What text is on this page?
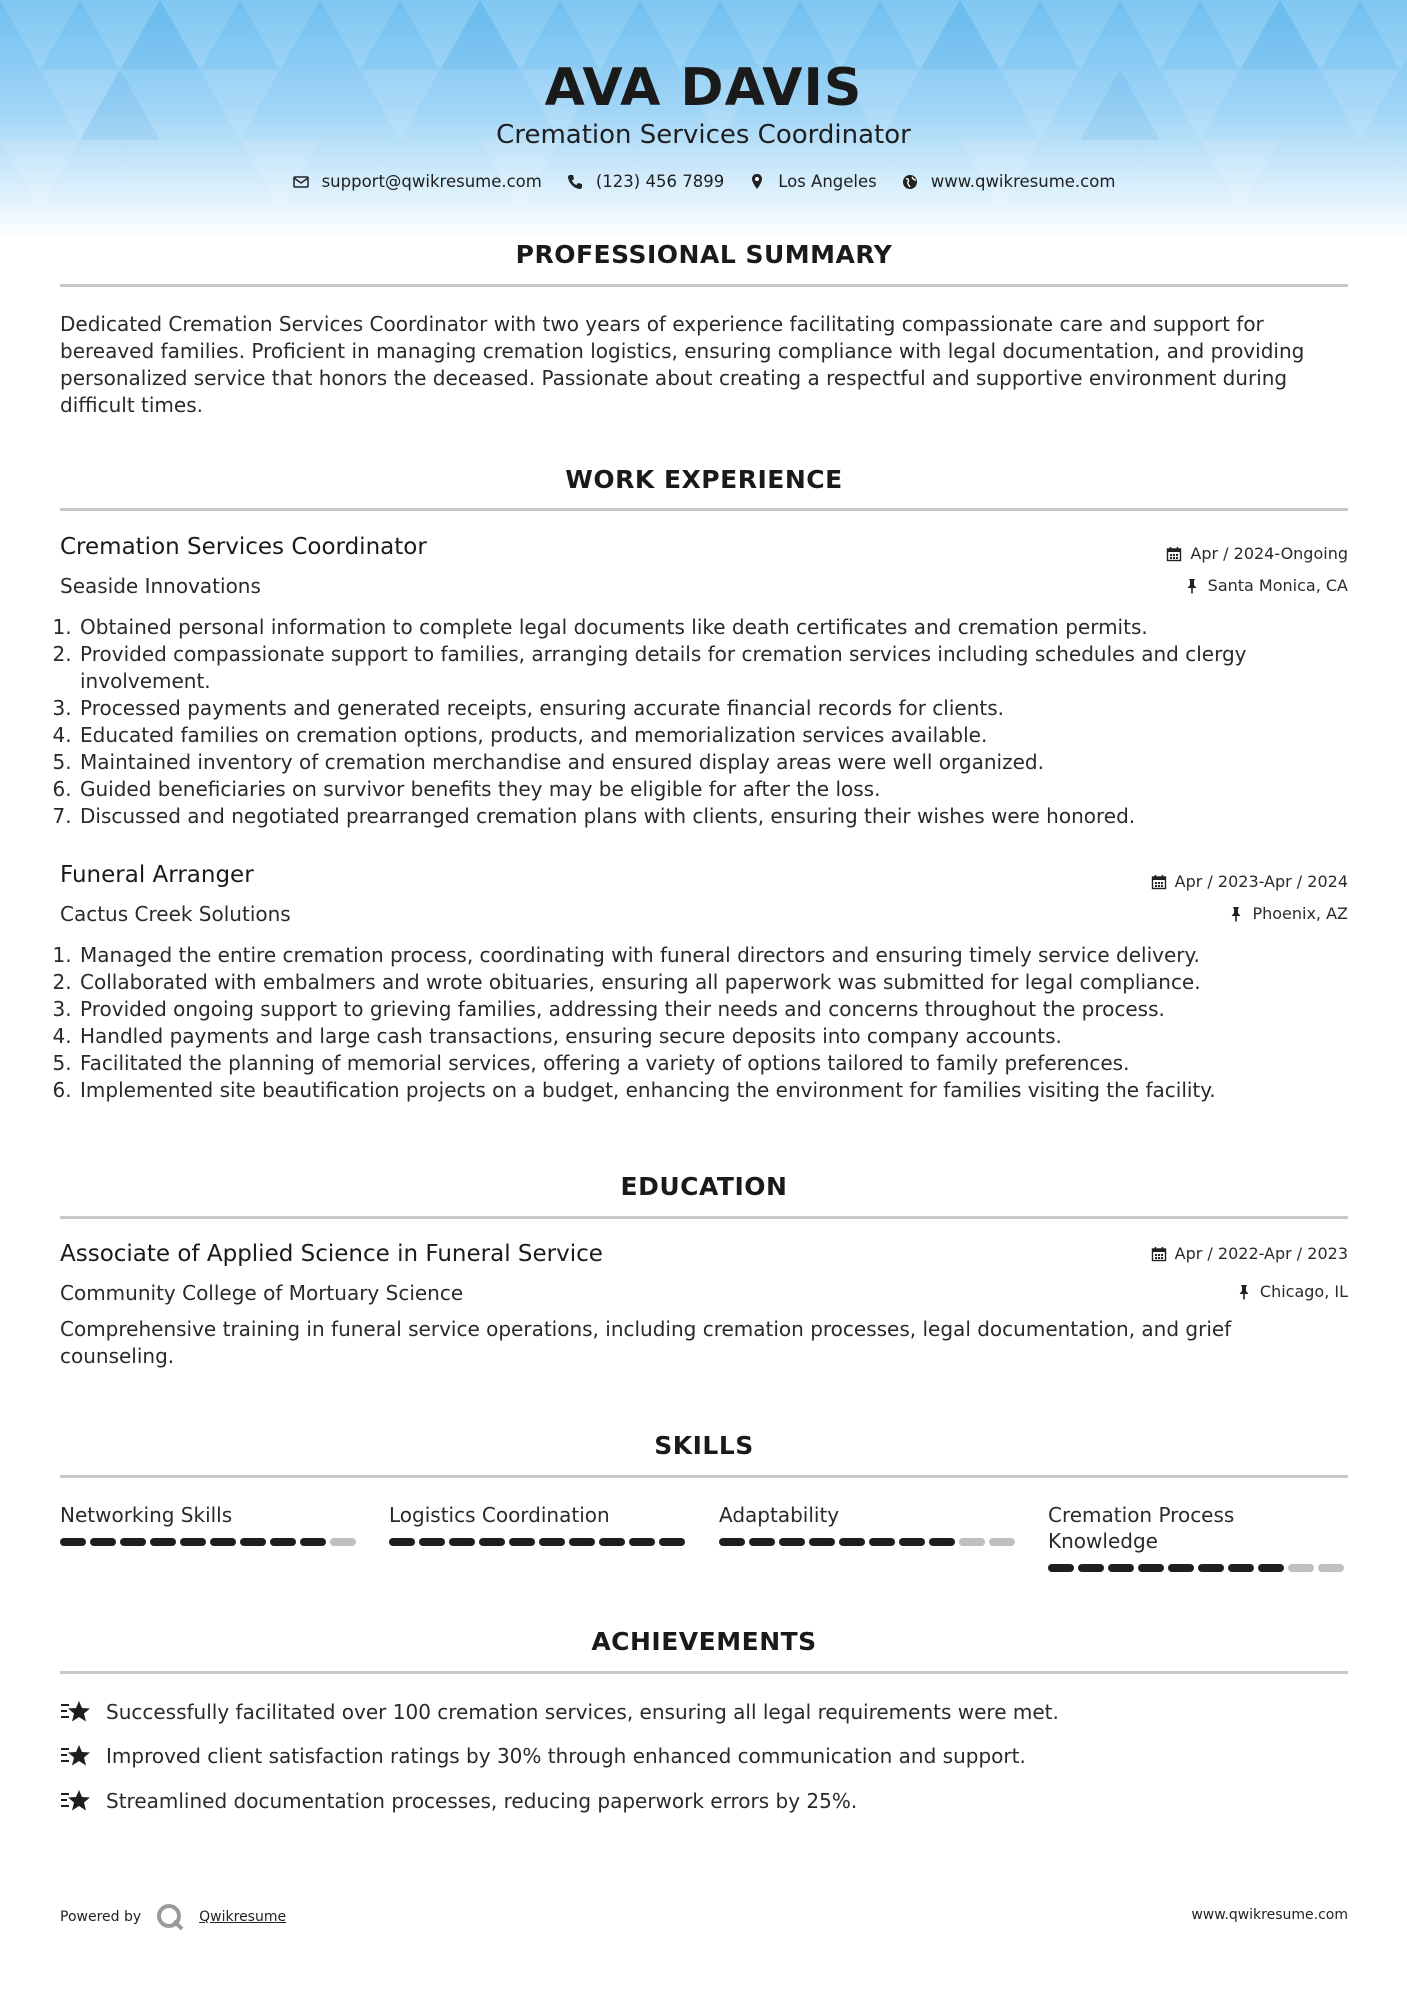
AVA DAVIS
Cremation Services Coordinator
support@qwikresume.com	(123) 456 7899	Los Angeles	www.qwikresume.com
PROFESSIONAL SUMMARY
Dedicated Cremation Services Coordinator with two years of experience facilitating compassionate care and support for bereaved families. Proficient in managing cremation logistics, ensuring compliance with legal documentation, and providing personalized service that honors the deceased. Passionate about creating a respectful and supportive environment during difficult times.
WORK EXPERIENCE
Cremation Services Coordinator	Apr / 2024-Ongoing
Seaside Innovations	Santa Monica, CA
1. Obtained personal information to complete legal documents like death certificates and cremation permits.
2. Provided compassionate support to families, arranging details for cremation services including schedules and clergy involvement.
3. Processed payments and generated receipts, ensuring accurate financial records for clients.
4. Educated families on cremation options, products, and memorialization services available.
5. Maintained inventory of cremation merchandise and ensured display areas were well organized.
6. Guided beneficiaries on survivor benefits they may be eligible for after the loss.
7. Discussed and negotiated prearranged cremation plans with clients, ensuring their wishes were honored.
Funeral Arranger	Apr / 2023-Apr / 2024
Cactus Creek Solutions	Phoenix, AZ
1. Managed the entire cremation process, coordinating with funeral directors and ensuring timely service delivery.
2. Collaborated with embalmers and wrote obituaries, ensuring all paperwork was submitted for legal compliance.
3. Provided ongoing support to grieving families, addressing their needs and concerns throughout the process.
4. Handled payments and large cash transactions, ensuring secure deposits into company accounts.
5. Facilitated the planning of memorial services, offering a variety of options tailored to family preferences.
6. Implemented site beautification projects on a budget, enhancing the environment for families visiting the facility.
EDUCATION
Associate of Applied Science in Funeral Service	Apr / 2022-Apr / 2023
Community College of Mortuary Science	Chicago, IL
Comprehensive training in funeral service operations, including cremation processes, legal documentation, and grief counseling.
SKILLS
Networking Skills	Logistics Coordination	Adaptability	Cremation Process Knowledge
ACHIEVEMENTS
Successfully facilitated over 100 cremation services, ensuring all legal requirements were met.
Improved client satisfaction ratings by 30% through enhanced communication and support.
Streamlined documentation processes, reducing paperwork errors by 25%.
Powered by	Qwikresume	www.qwikresume.com
